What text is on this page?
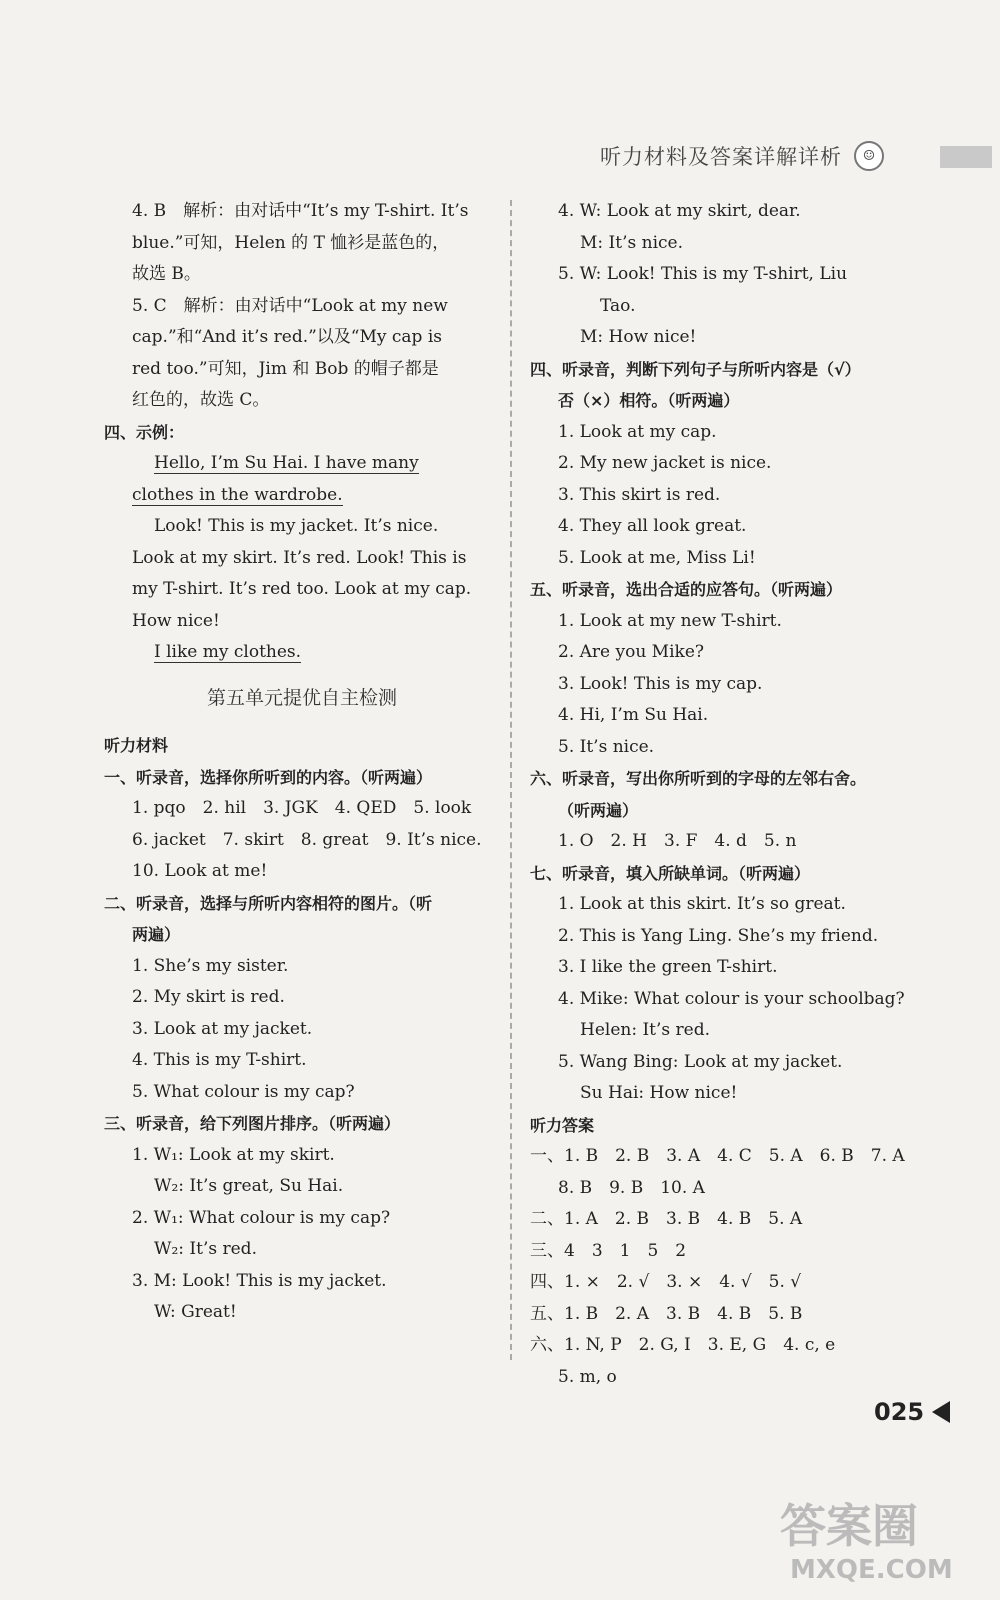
听力材料及答案详解详析	☺
4. B　解析：由对话中“It’s my T-shirt. It’s
blue.”可知，Helen 的 T 恤衫是蓝色的，
故选 B。
5. C　解析：由对话中“Look at my new
cap.”和“And it’s red.”以及“My cap is
red too.”可知，Jim 和 Bob 的帽子都是
红色的，故选 C。
四、示例：
Hello, I’m Su Hai. I have many
clothes in the wardrobe.
Look! This is my jacket. It’s nice.
Look at my skirt. It’s red. Look! This is
my T-shirt. It’s red too. Look at my cap.
How nice!
I like my clothes.
第五单元提优自主检测
听力材料
一、听录音，选择你所听到的内容。（听两遍）
1. pqo　2. hil　3. JGK　4. QED　5. look
6. jacket　7. skirt　8. great　9. It’s nice.
10. Look at me!
二、听录音，选择与所听内容相符的图片。（听
两遍）
1. She’s my sister.
2. My skirt is red.
3. Look at my jacket.
4. This is my T-shirt.
5. What colour is my cap?
三、听录音，给下列图片排序。（听两遍）
1. W₁: Look at my skirt.
W₂: It’s great, Su Hai.
2. W₁: What colour is my cap?
W₂: It’s red.
3. M: Look! This is my jacket.
W: Great!
4. W: Look at my skirt, dear.
M: It’s nice.
5. W: Look! This is my T-shirt, Liu
Tao.
M: How nice!
四、听录音，判断下列句子与所听内容是（√）
否（×）相符。（听两遍）
1. Look at my cap.
2. My new jacket is nice.
3. This skirt is red.
4. They all look great.
5. Look at me, Miss Li!
五、听录音，选出合适的应答句。（听两遍）
1. Look at my new T-shirt.
2. Are you Mike?
3. Look! This is my cap.
4. Hi, I’m Su Hai.
5. It’s nice.
六、听录音，写出你所听到的字母的左邻右舍。
（听两遍）
1. O　2. H　3. F　4. d　5. n
七、听录音，填入所缺单词。（听两遍）
1. Look at this skirt. It’s so great.
2. This is Yang Ling. She’s my friend.
3. I like the green T-shirt.
4. Mike: What colour is your schoolbag?
Helen: It’s red.
5. Wang Bing: Look at my jacket.
Su Hai: How nice!
听力答案
一、1. B　2. B　3. A　4. C　5. A　6. B　7. A
8. B　9. B　10. A
二、1. A　2. B　3. B　4. B　5. A
三、4　3　1　5　2
四、1. ×　2. √　3. ×　4. √　5. √
五、1. B　2. A　3. B　4. B　5. B
六、1. N, P　2. G, I　3. E, G　4. c, e
5. m, o
025
答案圈
MXQE.COM
